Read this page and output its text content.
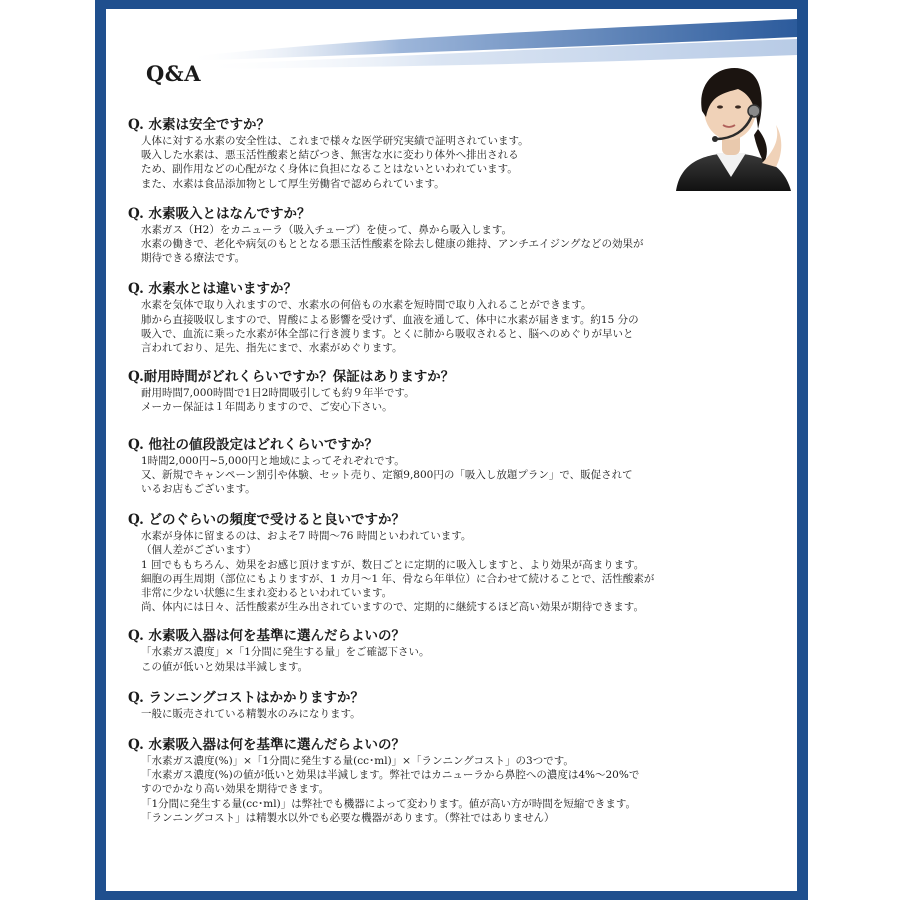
Q&A
Q. 水素は安全ですか？
人体に対する水素の安全性は、これまで様々な医学研究実績で証明されています。
吸入した水素は、悪玉活性酸素と結びつき、無害な水に変わり体外へ排出される
ため、副作用などの心配がなく身体に負担になることはないといわれています。
また、水素は食品添加物として厚生労働省で認められています。
Q. 水素吸入とはなんですか？
水素ガス（H2）をカニューラ（吸入チューブ）を使って、鼻から吸入します。
水素の働きで、老化や病気のもととなる悪玉活性酸素を除去し健康の維持、アンチエイジングなどの効果が
期待できる療法です。
Q. 水素水とは違いますか？
水素を気体で取り入れますので、水素水の何倍もの水素を短時間で取り入れることができます。
肺から直接吸収しますので、胃酸による影響を受けず、血液を通して、体中に水素が届きます。約15 分の
吸入で、血流に乗った水素が体全部に行き渡ります。とくに肺から吸収されると、脳へのめぐりが早いと
言われており、足先、指先にまで、水素がめぐります。
Q.耐用時間がどれくらいですか？保証はありますか？
耐用時間7,000時間で1日2時間吸引しても約９年半です。
メーカー保証は１年間ありますので、ご安心下さい。
Q. 他社の値段設定はどれくらいですか？
1時間2,000円~5,000円と地域によってそれぞれです。
又、新規でキャンペーン割引や体験、セット売り、定額9,800円の「吸入し放題プラン」で、販促されて
いるお店もございます。
Q. どのぐらいの頻度で受けると良いですか？
水素が身体に留まるのは、およそ7 時間～76 時間といわれています。
（個人差がございます）
1 回でももちろん、効果をお感じ頂けますが、数日ごとに定期的に吸入しますと、より効果が高まります。
細胞の再生周期（部位にもよりますが、1 カ月～1 年、骨なら年単位）に合わせて続けることで、活性酸素が
非常に少ない状態に生まれ変わるといわれています。
尚、体内には日々、活性酸素が生み出されていますので、定期的に継続するほど高い効果が期待できます。
Q. 水素吸入器は何を基準に選んだらよいの？
「水素ガス濃度」×「1分間に発生する量」をご確認下さい。
この値が低いと効果は半減します。
Q. ランニングコストはかかりますか？
一般に販売されている精製水のみになります。
Q. 水素吸入器は何を基準に選んだらよいの？
「水素ガス濃度(%)」×「1分間に発生する量(cc･ml)」×「ランニングコスト」の3つです。
「水素ガス濃度(%)の値が低いと効果は半減します。弊社ではカニューラから鼻腔への濃度は4%～20%で
すのでかなり高い効果を期待できます。
「1分間に発生する量(cc･ml)」は弊社でも機器によって変わります。値が高い方が時間を短縮できます。
「ランニングコスト」は精製水以外でも必要な機器があります。（弊社ではありません）
